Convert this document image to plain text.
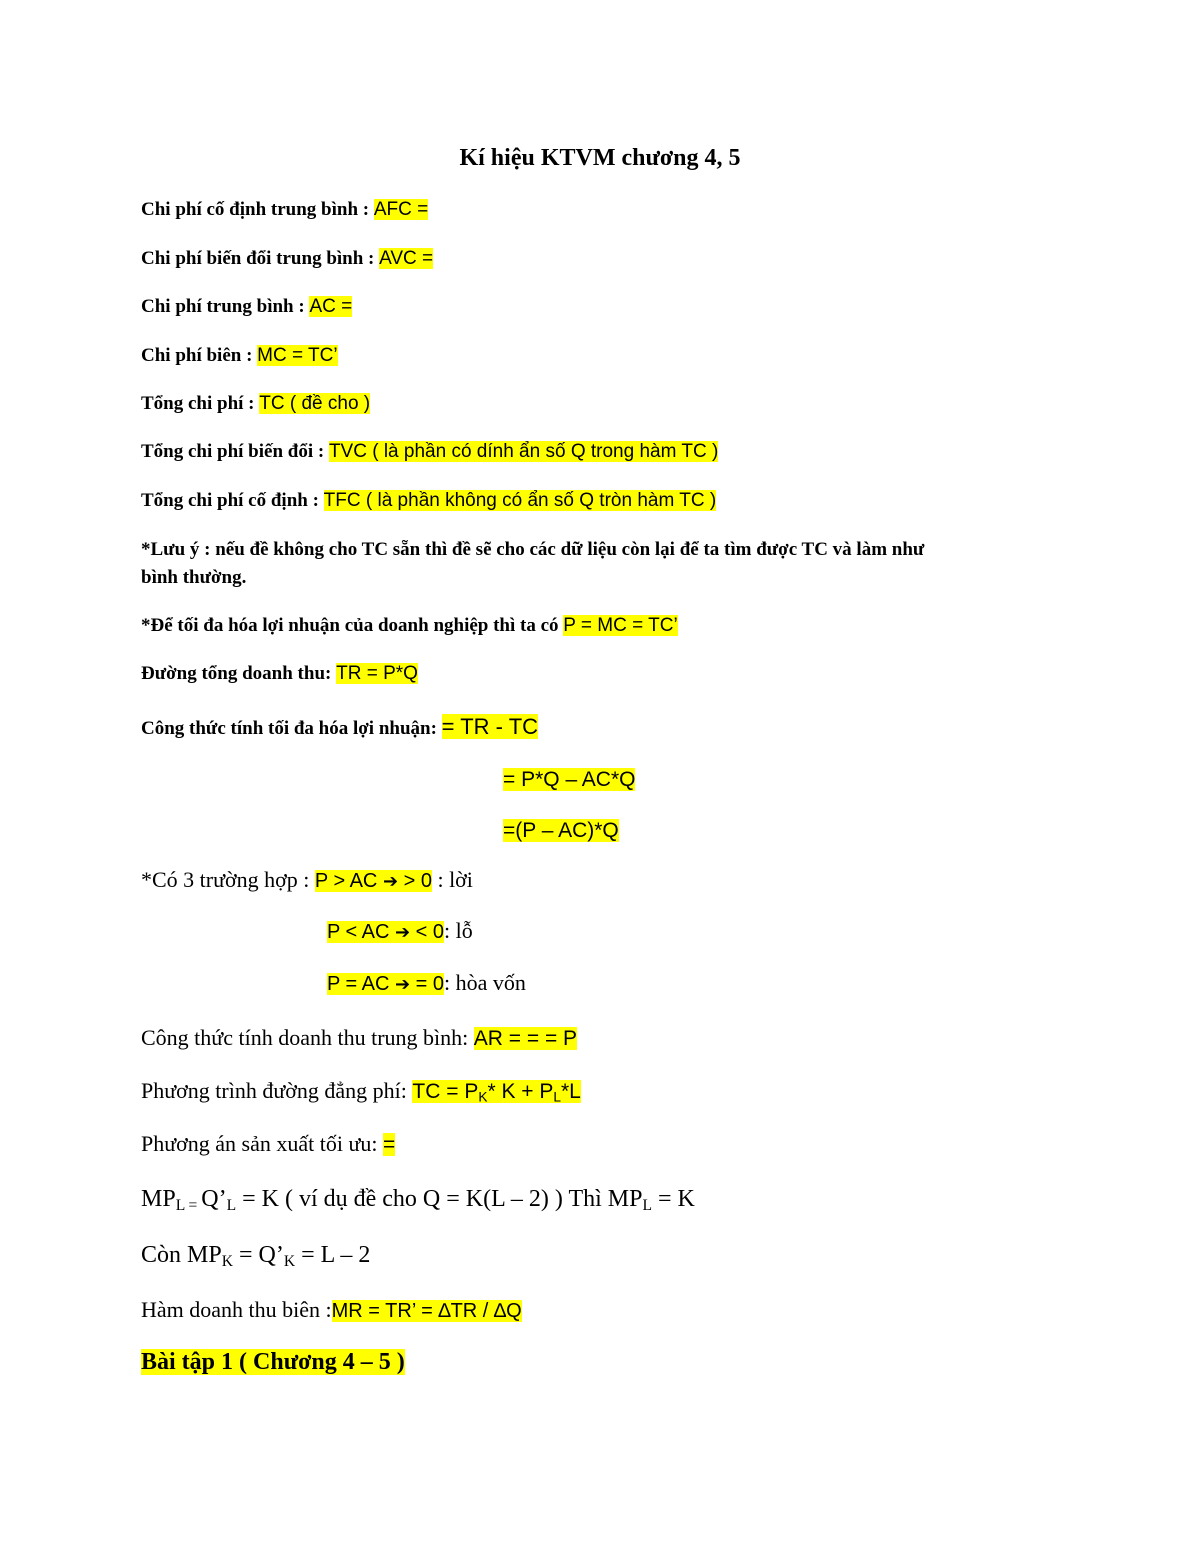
Kí hiệu KTVM chương 4, 5
Chi phí cố định trung bình : AFC =
Chi phí biến đổi trung bình : AVC =
Chi phí trung bình : AC =
Chi phí biên : MC = TC’
Tổng chi phí : TC ( đề cho )
Tổng chi phí biến đổi : TVC ( là phần có dính ẩn số Q trong hàm TC )
Tổng chi phí cố định : TFC ( là phần không có ẩn số Q tròn hàm TC )
*Lưu ý : nếu đề không cho TC sẵn thì đề sẽ cho các dữ liệu còn lại để ta tìm được TC và làm như
bình thường.
*Để tối đa hóa lợi nhuận của doanh nghiệp thì ta có P = MC = TC’
Đường tổng doanh thu: TR = P*Q
Công thức tính tối đa hóa lợi nhuận: = TR - TC
= P*Q – AC*Q
=(P – AC)*Q
*Có 3 trường hợp : P > AC ➔ > 0 : lời
P < AC ➔ < 0: lỗ
P = AC ➔ = 0: hòa vốn
Công thức tính doanh thu trung bình: AR = = = P
Phương trình đường đẳng phí: TC = $P_K*$ $K + P_L*L$
Phương án sản xuất tối ưu: =
$MP_{L =}$ $Q’_L = K$ ( ví dụ đề cho Q = K(L – 2) ) Thì $MP_L = K$
Còn $MP_K$ = $Q’_K = L - 2$
Hàm doanh thu biên :MR = TR’ = ∆TR / ∆Q
Bài tập 1 ( Chương 4 – 5 )
